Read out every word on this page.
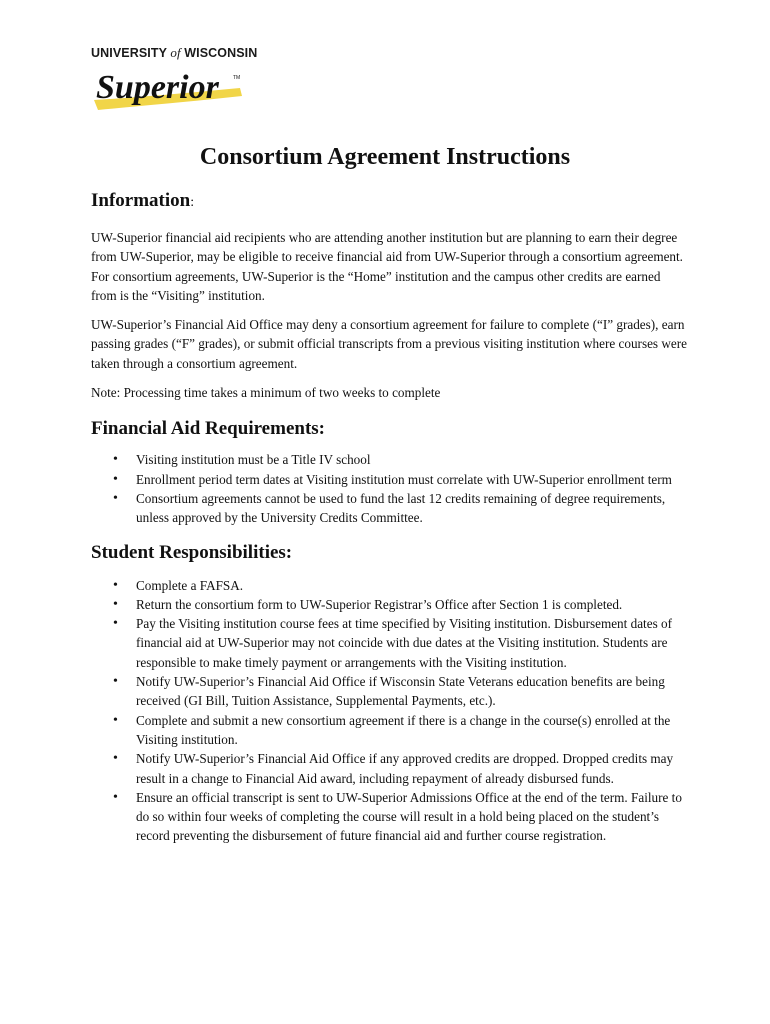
UNIVERSITY of WISCONSIN
Superior	TM
Consortium Agreement Instructions
Information:

UW-Superior financial aid recipients who are attending another institution but are planning to earn their degree from UW-Superior, may be eligible to receive financial aid from UW-Superior through a consortium agreement. For consortium agreements, UW-Superior is the “Home” institution and the campus other credits are earned from is the “Visiting” institution.

UW-Superior’s Financial Aid Office may deny a consortium agreement for failure to complete (“I” grades), earn passing grades (“F” grades), or submit official transcripts from a previous visiting institution where courses were taken through a consortium agreement.

Note: Processing time takes a minimum of two weeks to complete

Financial Aid Requirements:
• Visiting institution must be a Title IV school
• Enrollment period term dates at Visiting institution must correlate with UW-Superior enrollment term
• Consortium agreements cannot be used to fund the last 12 credits remaining of degree requirements, unless approved by the University Credits Committee.
Student Responsibilities:
• Complete a FAFSA.
• Return the consortium form to UW-Superior Registrar’s Office after Section 1 is completed.
• Pay the Visiting institution course fees at time specified by Visiting institution. Disbursement dates of financial aid at UW-Superior may not coincide with due dates at the Visiting institution. Students are responsible to make timely payment or arrangements with the Visiting institution.
• Notify UW-Superior’s Financial Aid Office if Wisconsin State Veterans education benefits are being received (GI Bill, Tuition Assistance, Supplemental Payments, etc.).
• Complete and submit a new consortium agreement if there is a change in the course(s) enrolled at the Visiting institution.
• Notify UW-Superior’s Financial Aid Office if any approved credits are dropped. Dropped credits may result in a change to Financial Aid award, including repayment of already disbursed funds.
• Ensure an official transcript is sent to UW-Superior Admissions Office at the end of the term. Failure to do so within four weeks of completing the course will result in a hold being placed on the student’s record preventing the disbursement of future financial aid and further course registration.
